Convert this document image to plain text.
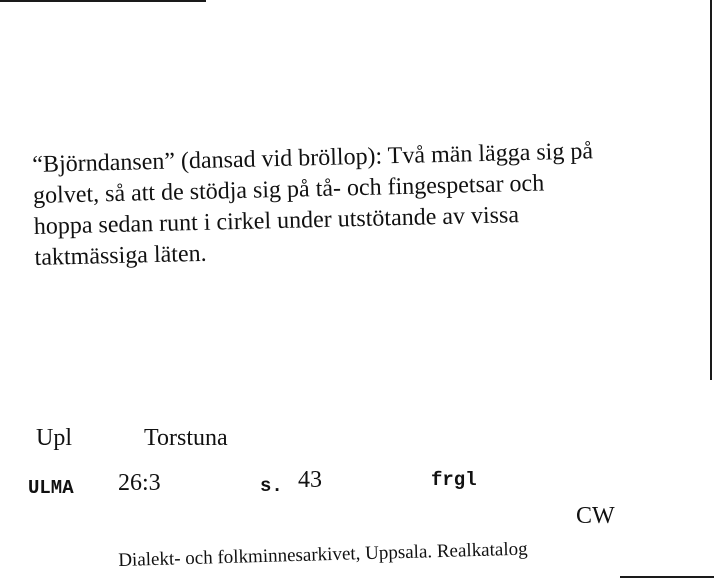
“Björndansen” (dansad vid bröllop): Två män lägga sig på
golvet, så att de stödja sig på tå- och fingespetsar och
hoppa sedan runt i cirkel under utstötande av vissa
taktmässiga läten.
Upl	Torstuna
ULMA 26:3	s. 43	frgl
CW
Dialekt- och folkminnesarkivet, Uppsala. Realkatalog
